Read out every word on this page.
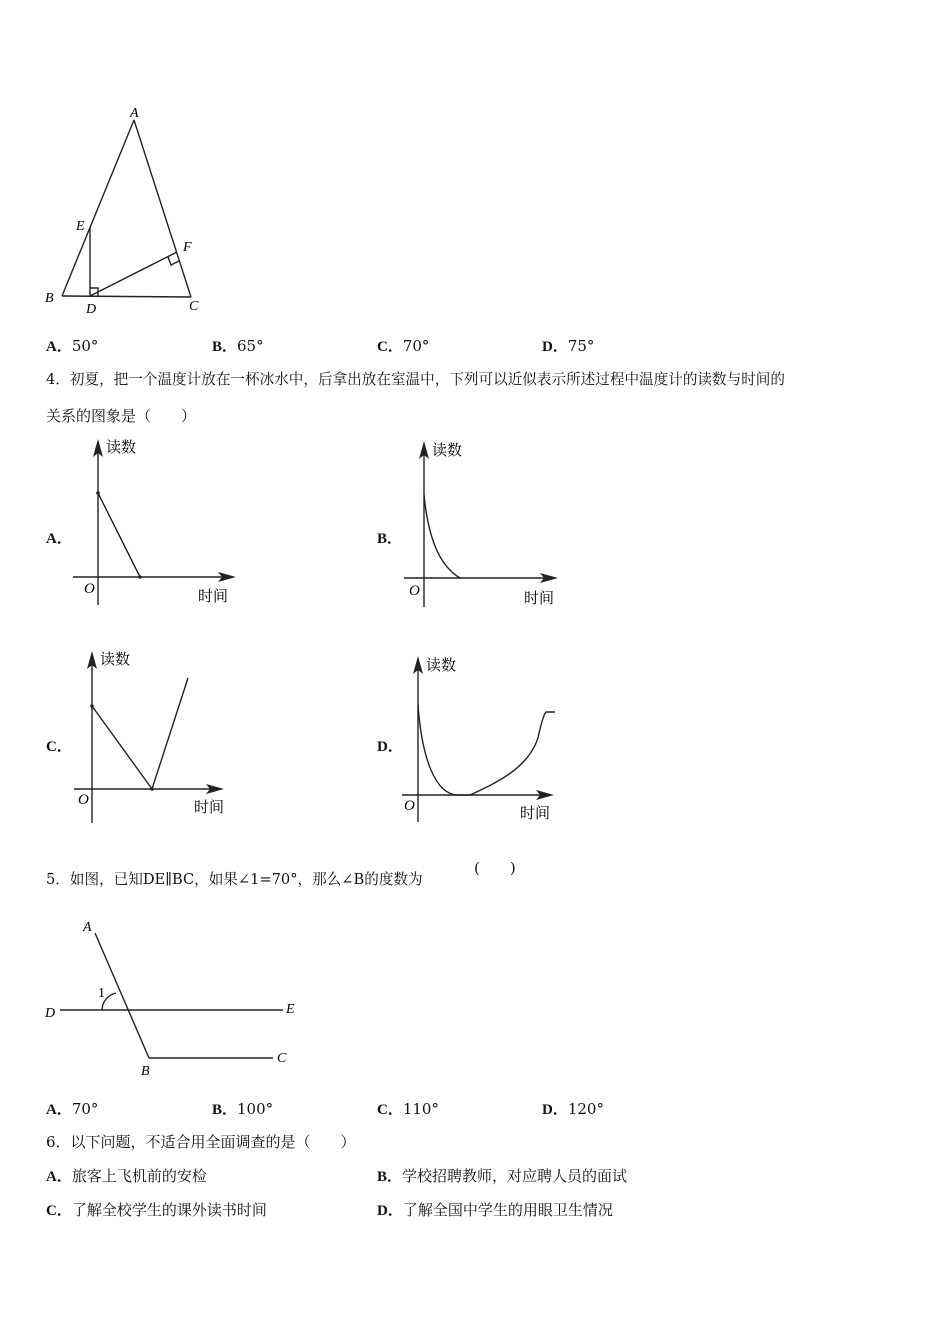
A
E
F
B
D	C
A．50°	B．65°	C．70°	D．75°
4．初夏，把一个温度计放在一杯冰水中，后拿出放在室温中，下列可以近似表示所述过程中温度计的读数与时间的
关系的图象是（　　）
A．
读数
时间
O
B．
读数
时间
O
C．
读数
时间
O
D．
读数
时间
O
5．如图，已知DE∥BC，如果∠1=70°，那么∠B的度数为
(　　)
A
1
D	E
B
C
A．70°	B．100°	C．110°	D．120°
6．以下问题，不适合用全面调查的是（　　）
A．旅客上飞机前的安检	B．学校招聘教师，对应聘人员的面试
C．了解全校学生的课外读书时间	D．了解全国中学生的用眼卫生情况
